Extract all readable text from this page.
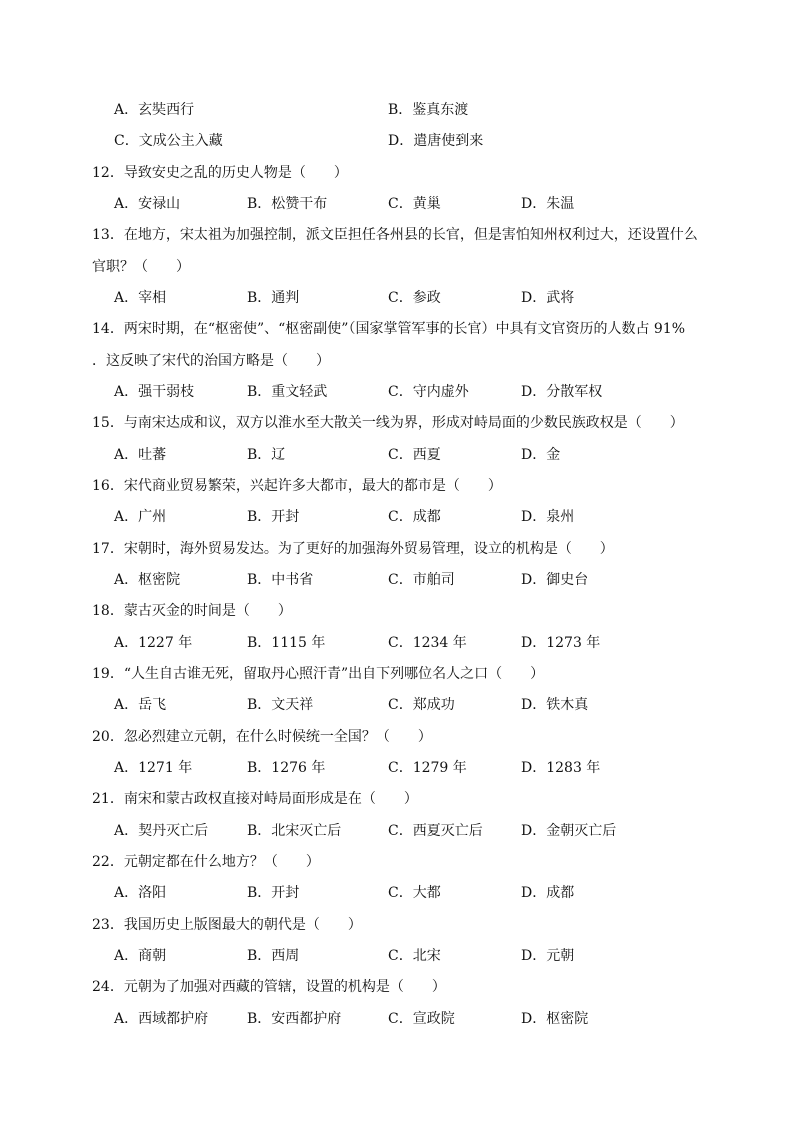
A．玄奘西行	B．鉴真东渡
C．文成公主入藏	D．遣唐使到来
12．导致安史之乱的历史人物是（　　）
A．安禄山	B．松赞干布	C．黄巢	D．朱温
13．在地方，宋太祖为加强控制，派文臣担任各州县的长官，但是害怕知州权利过大，还设置什么
官职？（　　）
A．宰相	B．通判	C．参政	D．武将
14．两宋时期，在“枢密使”、“枢密副使”（国家掌管军事的长官）中具有文官资历的人数占 91%
．这反映了宋代的治国方略是（　　）
A．强干弱枝	B．重文轻武	C．守内虚外	D．分散军权
15．与南宋达成和议，双方以淮水至大散关一线为界，形成对峙局面的少数民族政权是（　　）
A．吐蕃	B．辽	C．西夏	D．金
16．宋代商业贸易繁荣，兴起许多大都市，最大的都市是（　　）
A．广州	B．开封	C．成都	D．泉州
17．宋朝时，海外贸易发达。为了更好的加强海外贸易管理，设立的机构是（　　）
A．枢密院	B．中书省	C．市舶司	D．御史台
18．蒙古灭金的时间是（　　）
A．1227 年	B．1115 年	C．1234 年	D．1273 年
19．“人生自古谁无死，留取丹心照汗青”出自下列哪位名人之口（　　）
A．岳飞	B．文天祥	C．郑成功	D．铁木真
20．忽必烈建立元朝，在什么时候统一全国？（　　）
A．1271 年	B．1276 年	C．1279 年	D．1283 年
21．南宋和蒙古政权直接对峙局面形成是在（　　）
A．契丹灭亡后	B．北宋灭亡后	C．西夏灭亡后	D．金朝灭亡后
22．元朝定都在什么地方？（　　）
A．洛阳	B．开封	C．大都	D．成都
23．我国历史上版图最大的朝代是（　　）
A．商朝	B．西周	C．北宋	D．元朝
24．元朝为了加强对西藏的管辖，设置的机构是（　　）
A．西域都护府	B．安西都护府	C．宣政院	D．枢密院
